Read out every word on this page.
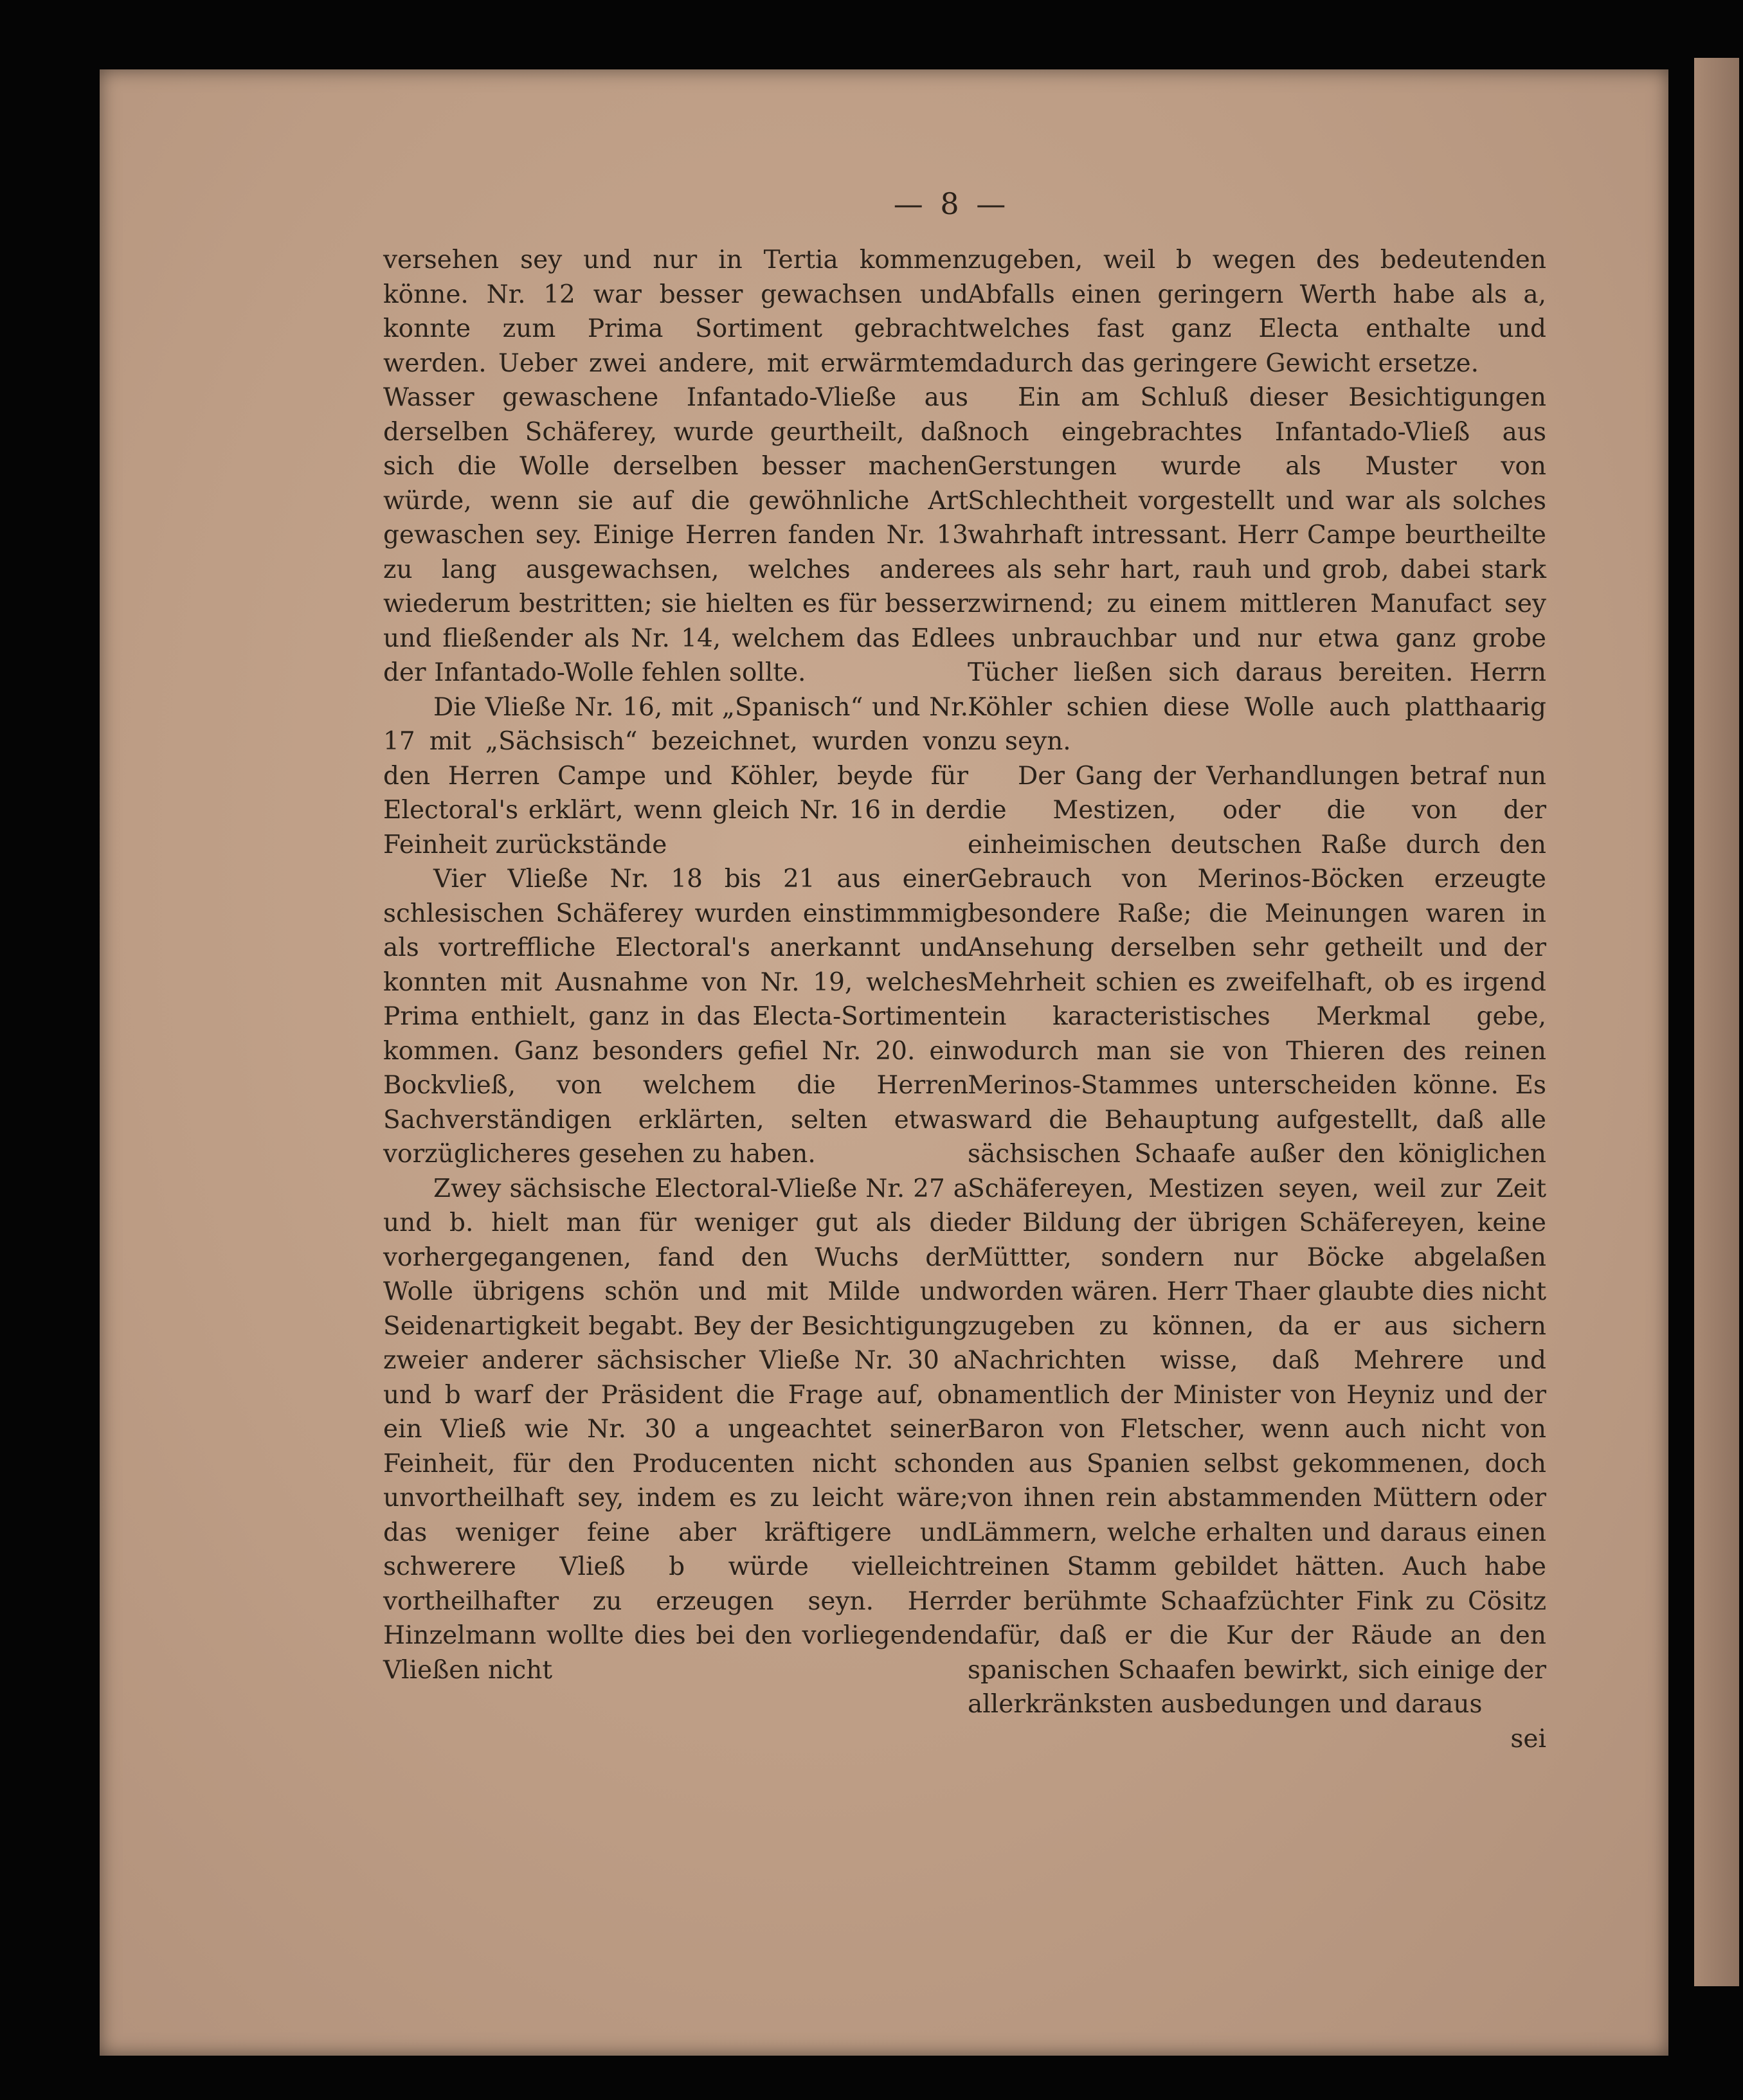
— 8 —

versehen sey und nur in Tertia kommen könne. Nr. 12 war besser gewachsen und konnte zum Prima Sortiment gebracht werden. Ueber zwei andere, mit erwärmtem Wasser gewaschene Infantado-Vließe aus derselben Schäferey, wurde geurtheilt, daß sich die Wolle derselben besser machen würde, wenn sie auf die gewöhnliche Art gewaschen sey. Einige Herren fanden Nr. 13 zu lang ausgewachsen, welches andere wiederum bestritten; sie hielten es für besser und fließender als Nr. 14, welchem das Edle der Infantado-Wolle fehlen sollte.

Die Vließe Nr. 16, mit „Spanisch“ und Nr. 17 mit „Sächsisch“ bezeichnet, wurden von den Herren Campe und Köhler, beyde für Electoral's erklärt, wenn gleich Nr. 16 in der Feinheit zurückstände

Vier Vließe Nr. 18 bis 21 aus einer schlesischen Schäferey wurden einstimmmig als vortreffliche Electoral's anerkannt und konnten mit Ausnahme von Nr. 19, welches Prima enthielt, ganz in das Electa-Sortiment kommen. Ganz besonders gefiel Nr. 20. ein Bockvließ, von welchem die Herren Sachverständigen erklärten, selten etwas vorzüglicheres gesehen zu haben.

Zwey sächsische Electoral-Vließe Nr. 27 a und b. hielt man für weniger gut als die vorhergegangenen, fand den Wuchs der Wolle übrigens schön und mit Milde und Seidenartigkeit begabt. Bey der Besichtigung zweier anderer sächsischer Vließe Nr. 30 a und b warf der Präsident die Frage auf, ob ein Vließ wie Nr. 30 a ungeachtet seiner Feinheit, für den Producenten nicht schon unvortheilhaft sey, indem es zu leicht wäre; das weniger feine aber kräftigere und schwerere Vließ b würde vielleicht vortheilhafter zu erzeugen seyn. Herr Hinzelmann wollte dies bei den vorliegenden Vließen nicht

zugeben, weil b wegen des bedeutenden Abfalls einen geringern Werth habe als a, welches fast ganz Electa enthalte und dadurch das geringere Gewicht ersetze.

Ein am Schluß dieser Besichtigungen noch eingebrachtes Infantado-Vließ aus Gerstungen wurde als Muster von Schlechtheit vorgestellt und war als solches wahrhaft intressant. Herr Campe beurtheilte es als sehr hart, rauh und grob, dabei stark zwirnend; zu einem mittleren Manufact sey es unbrauchbar und nur etwa ganz grobe Tücher ließen sich daraus bereiten. Herrn Köhler schien diese Wolle auch platthaarig zu seyn.

Der Gang der Verhandlungen betraf nun die Mestizen, oder die von der einheimischen deutschen Raße durch den Gebrauch von Merinos-Böcken erzeugte besondere Raße; die Meinungen waren in Ansehung derselben sehr getheilt und der Mehrheit schien es zweifelhaft, ob es irgend ein karacteristisches Merkmal gebe, wodurch man sie von Thieren des reinen Merinos-Stammes unterscheiden könne. Es ward die Behauptung aufgestellt, daß alle sächsischen Schaafe außer den königlichen Schäfereyen, Mestizen seyen, weil zur Zeit der Bildung der übrigen Schäfereyen, keine Müttter, sondern nur Böcke abgelaßen worden wären. Herr Thaer glaubte dies nicht zugeben zu können, da er aus sichern Nachrichten wisse, daß Mehrere und namentlich der Minister von Heyniz und der Baron von Fletscher, wenn auch nicht von den aus Spanien selbst gekommenen, doch von ihnen rein abstammenden Müttern oder Lämmern, welche erhalten und daraus einen reinen Stamm gebildet hätten. Auch habe der berühmte Schaafzüchter Fink zu Cösitz dafür, daß er die Kur der Räude an den spanischen Schaafen bewirkt, sich einige der allerkränksten ausbedungen und daraus

sei
